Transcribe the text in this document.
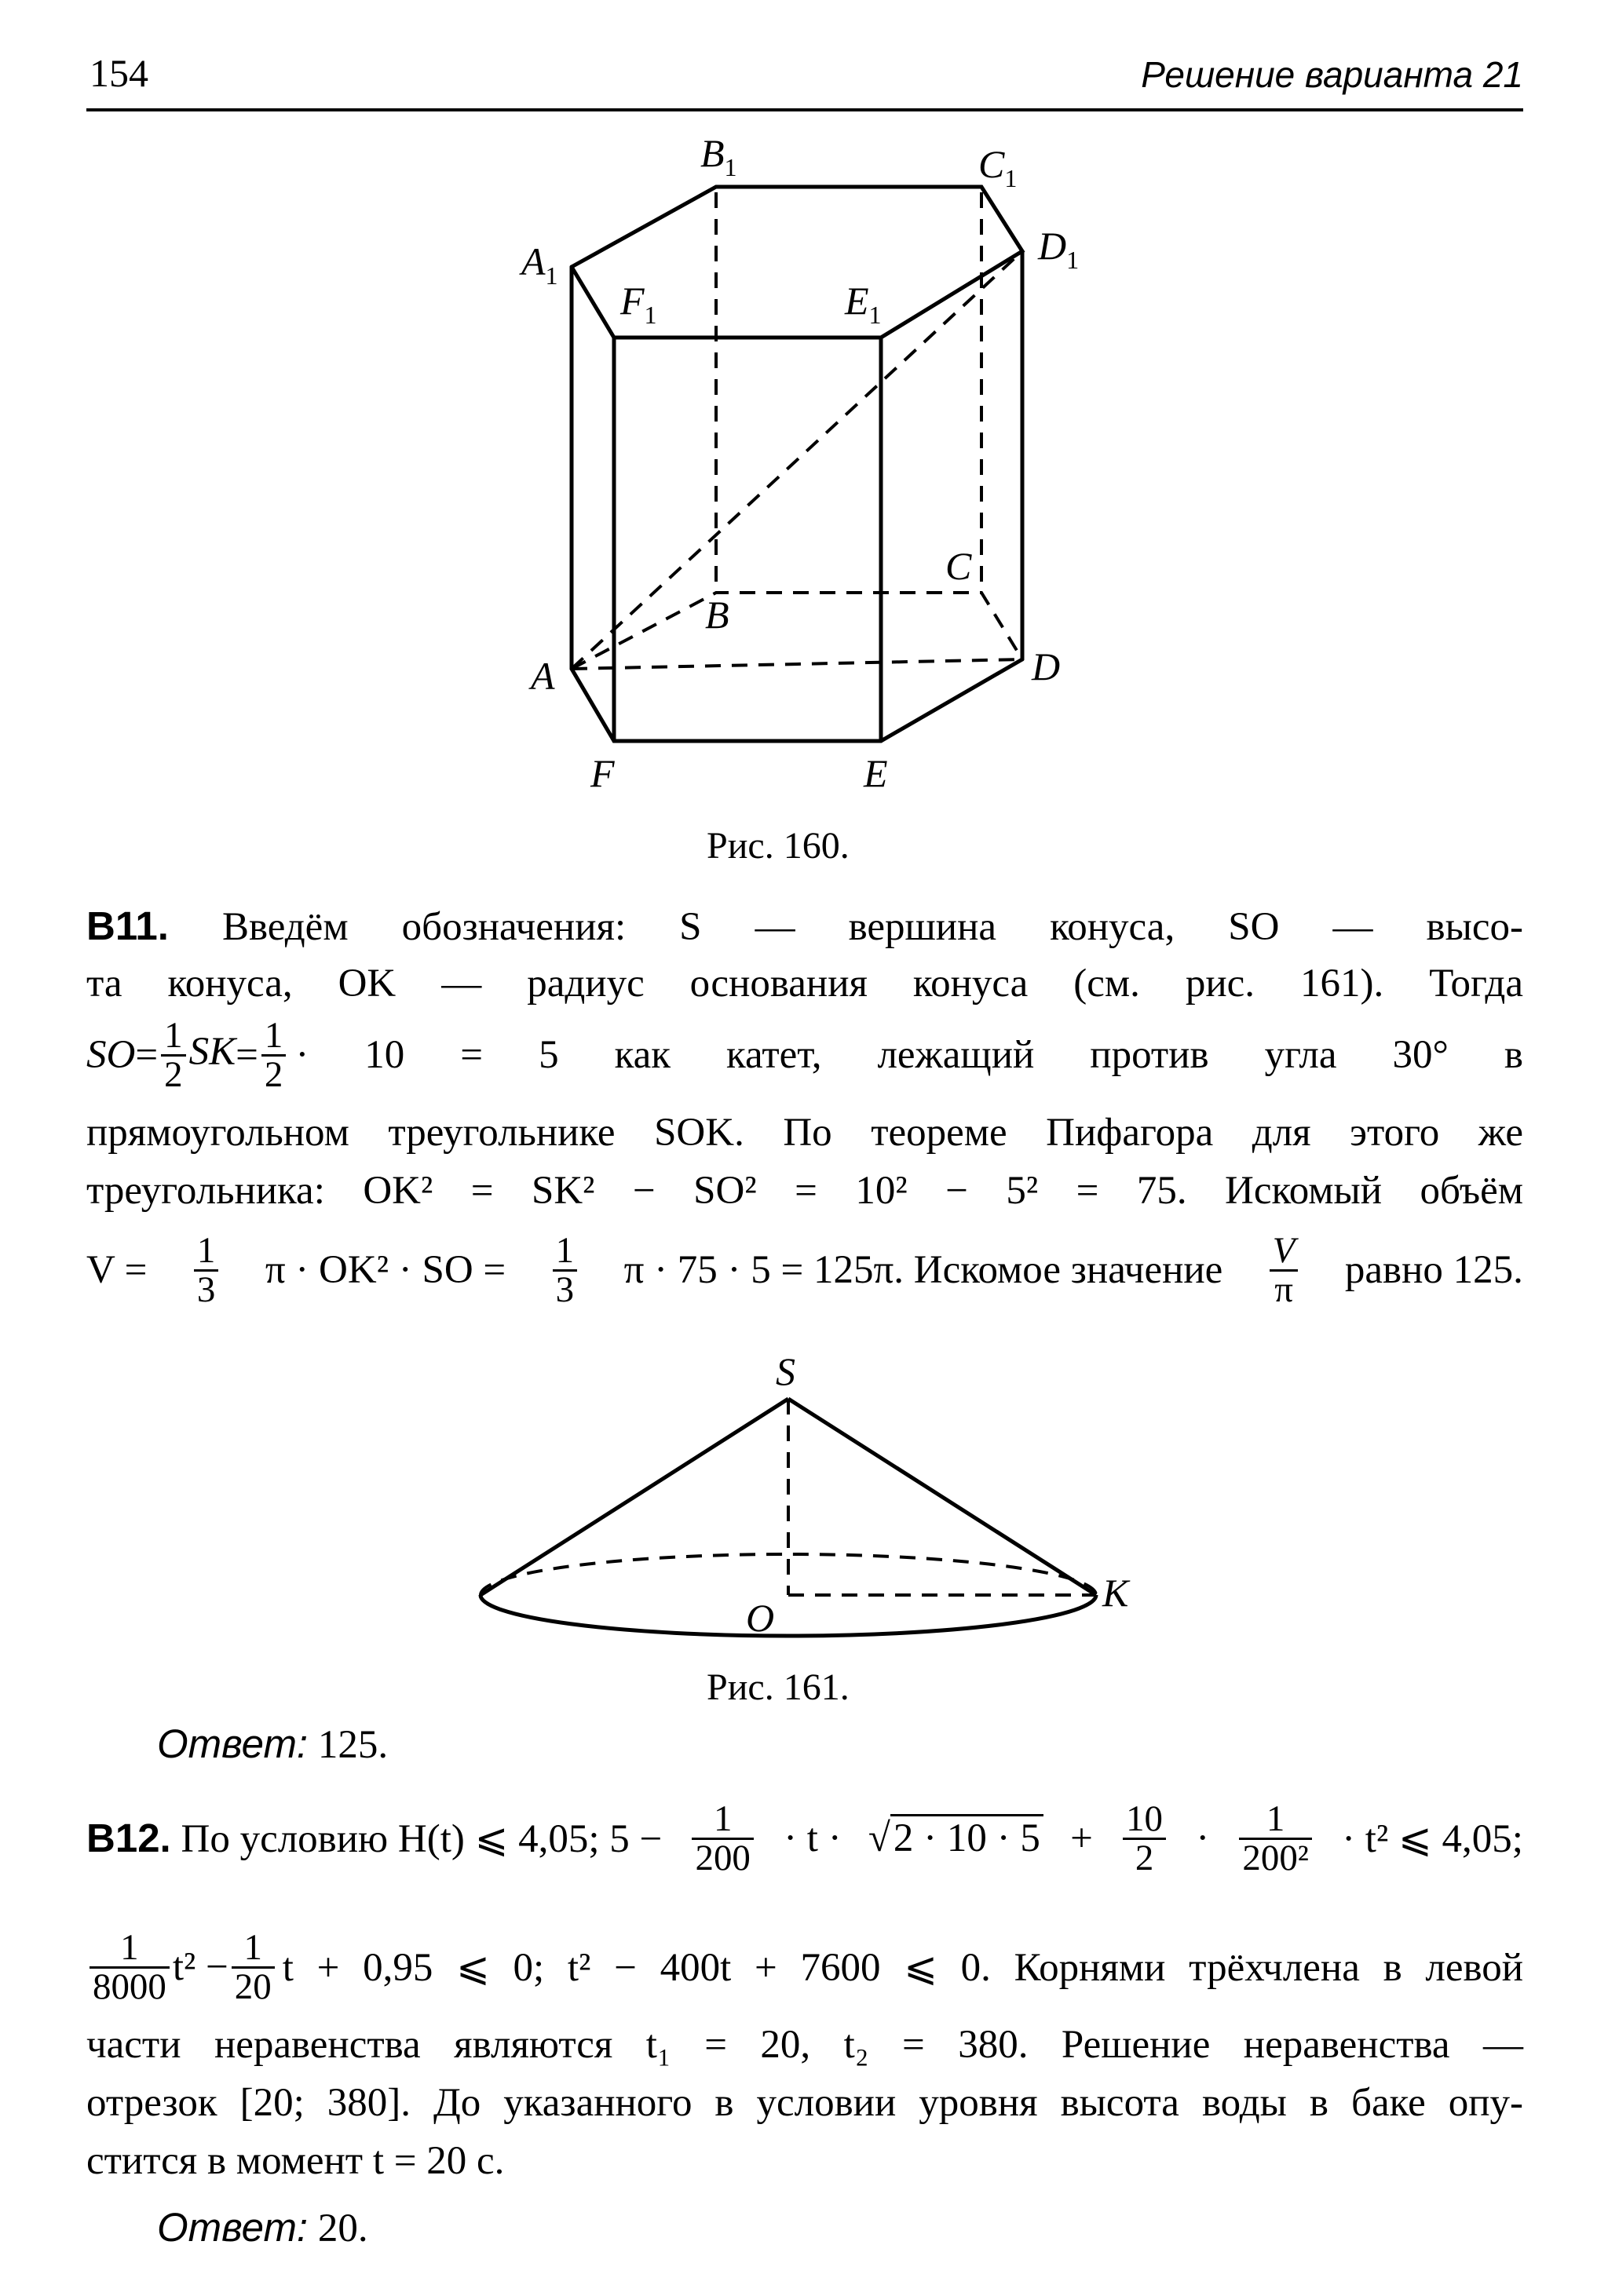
154	Решение варианта 21
$B_1$	$C_1$
$A_1$
$D_1$
$F_1$	$E_1$
B
C
A	D
F	E
Рис. 160.
B11. Введём обозначения: S — вершина конуса, SO — высо-
та конуса, OK — радиус основания конуса (см. рис. 161). Тогда
SO = $\frac{1}{2}$ SK = $\frac{1}{2} \cdot 10 = 5$ как катет, лежащий против угла 30° в
прямоугольном треугольнике SOK. По теореме Пифагора для этого же
треугольника: OK² = SK² − SO² = 10² − 5² = 75. Искомый объём
$V = \frac{1}{3}$ π · OK² · SO = $\frac{1}{3}$ π · 75 · 5 = 125π. Искомое значение $\frac{V}{\pi}$ равно 125.
S
O
K
Рис. 161.
Ответ: 125.
B12. По условию H(t) ⩽ 4,05; $5 - \frac{1}{200} \cdot t \cdot √2 \cdot 10 \cdot 5 + \frac{10}{2} \cdot \frac{1}{\text{200²}} \cdot t^2$ ⩽ 4,05;
$\frac{1}{8000} t^2 - \frac{1}{20}$ t + 0,95 ⩽ 0; t² − 400t + 7600 ⩽ 0. Корнями трёхчлена в левой
части неравенства являются t₁ = 20, t₂ = 380. Решение неравенства —
отрезок [20; 380]. До указанного в условии уровня высота воды в баке опу-
стится в момент t = 20 с.
Ответ: 20.
